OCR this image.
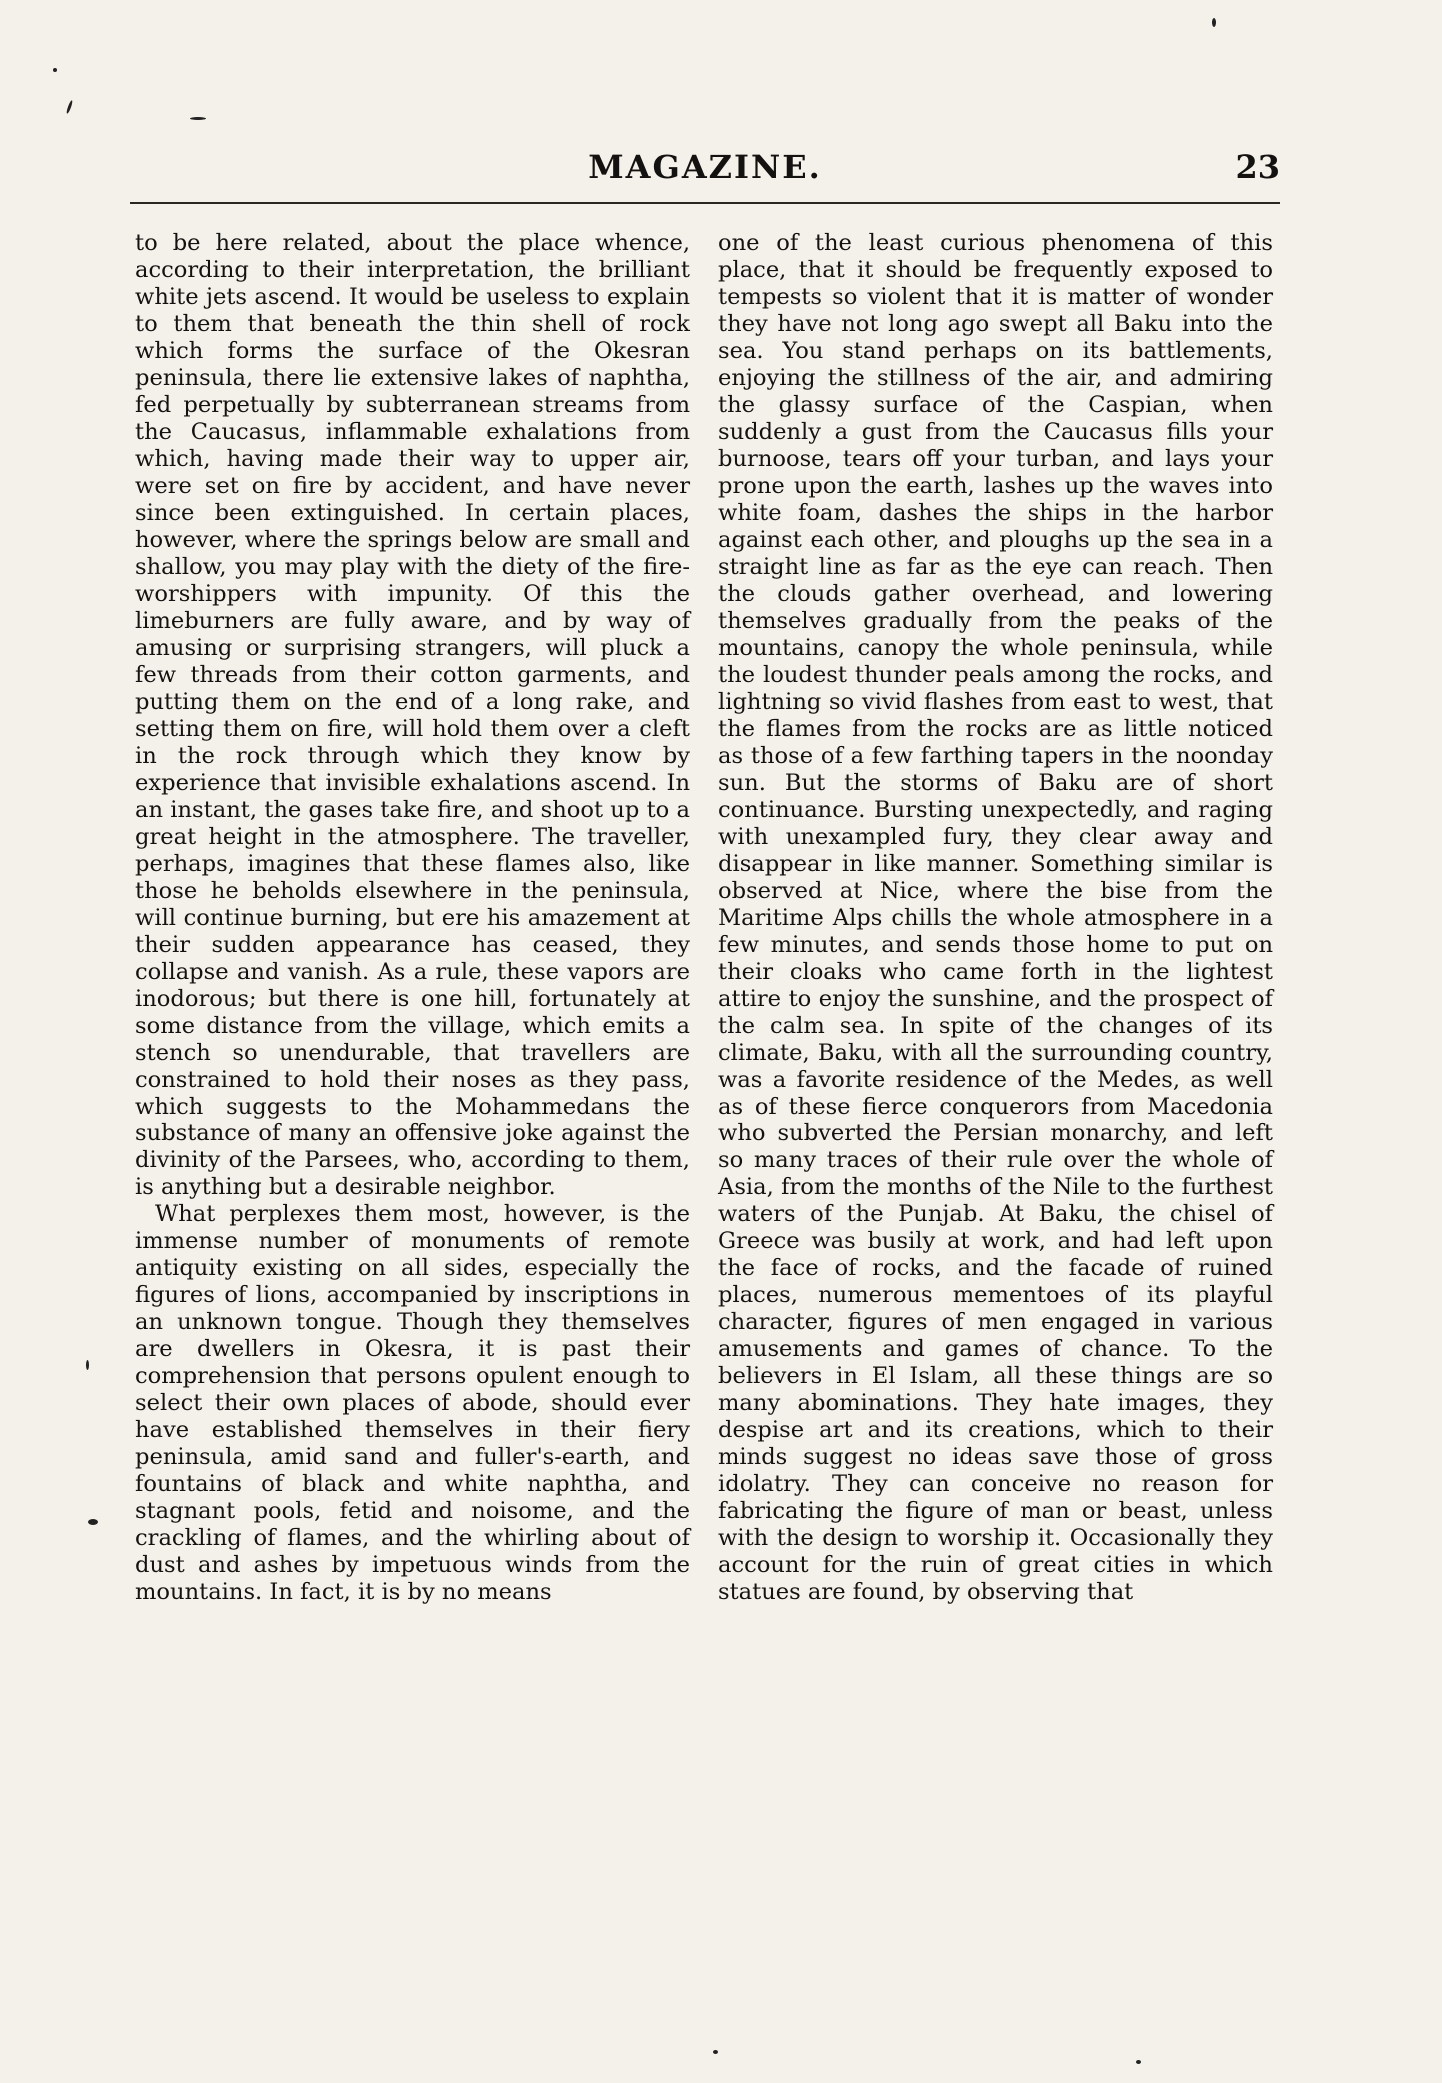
MAGAZINE.	23

to be here related, about the place whence, according to their interpretation, the brilliant white jets ascend. It would be useless to explain to them that beneath the thin shell of rock which forms the surface of the Okesran peninsula, there lie extensive lakes of naphtha, fed perpetually by subterranean streams from the Caucasus, inflammable exhalations from which, having made their way to upper air, were set on fire by accident, and have never since been extinguished. In certain places, however, where the springs below are small and shallow, you may play with the diety of the fire-worshippers with impunity. Of this the limeburners are fully aware, and by way of amusing or surprising strangers, will pluck a few threads from their cotton garments, and putting them on the end of a long rake, and setting them on fire, will hold them over a cleft in the rock through which they know by experience that invisible exhalations ascend. In an instant, the gases take fire, and shoot up to a great height in the atmosphere. The traveller, perhaps, imagines that these flames also, like those he beholds elsewhere in the peninsula, will continue burning, but ere his amazement at their sudden appearance has ceased, they collapse and vanish. As a rule, these vapors are inodorous; but there is one hill, fortunately at some distance from the village, which emits a stench so unendurable, that travellers are constrained to hold their noses as they pass, which suggests to the Mohammedans the substance of many an offensive joke against the divinity of the Parsees, who, according to them, is anything but a desirable neighbor.

What perplexes them most, however, is the immense number of monuments of remote antiquity existing on all sides, especially the figures of lions, accompanied by inscriptions in an unknown tongue. Though they themselves are dwellers in Okesra, it is past their comprehension that persons opulent enough to select their own places of abode, should ever have established themselves in their fiery peninsula, amid sand and fuller's-earth, and fountains of black and white naphtha, and stagnant pools, fetid and noisome, and the crackling of flames, and the whirling about of dust and ashes by impetuous winds from the mountains. In fact, it is by no means

one of the least curious phenomena of this place, that it should be frequently exposed to tempests so violent that it is matter of wonder they have not long ago swept all Baku into the sea. You stand perhaps on its battlements, enjoying the stillness of the air, and admiring the glassy surface of the Caspian, when suddenly a gust from the Caucasus fills your burnoose, tears off your turban, and lays your prone upon the earth, lashes up the waves into white foam, dashes the ships in the harbor against each other, and ploughs up the sea in a straight line as far as the eye can reach. Then the clouds gather overhead, and lowering themselves gradually from the peaks of the mountains, canopy the whole peninsula, while the loudest thunder peals among the rocks, and lightning so vivid flashes from east to west, that the flames from the rocks are as little noticed as those of a few farthing tapers in the noonday sun. But the storms of Baku are of short continuance. Bursting unexpectedly, and raging with unexampled fury, they clear away and disappear in like manner. Something similar is observed at Nice, where the bise from the Maritime Alps chills the whole atmosphere in a few minutes, and sends those home to put on their cloaks who came forth in the lightest attire to enjoy the sunshine, and the prospect of the calm sea. In spite of the changes of its climate, Baku, with all the surrounding country, was a favorite residence of the Medes, as well as of these fierce conquerors from Macedonia who subverted the Persian monarchy, and left so many traces of their rule over the whole of Asia, from the months of the Nile to the furthest waters of the Punjab. At Baku, the chisel of Greece was busily at work, and had left upon the face of rocks, and the facade of ruined places, numerous mementoes of its playful character, figures of men engaged in various amusements and games of chance. To the believers in El Islam, all these things are so many abominations. They hate images, they despise art and its creations, which to their minds suggest no ideas save those of gross idolatry. They can conceive no reason for fabricating the figure of man or beast, unless with the design to worship it. Occasionally they account for the ruin of great cities in which statues are found, by observing that
